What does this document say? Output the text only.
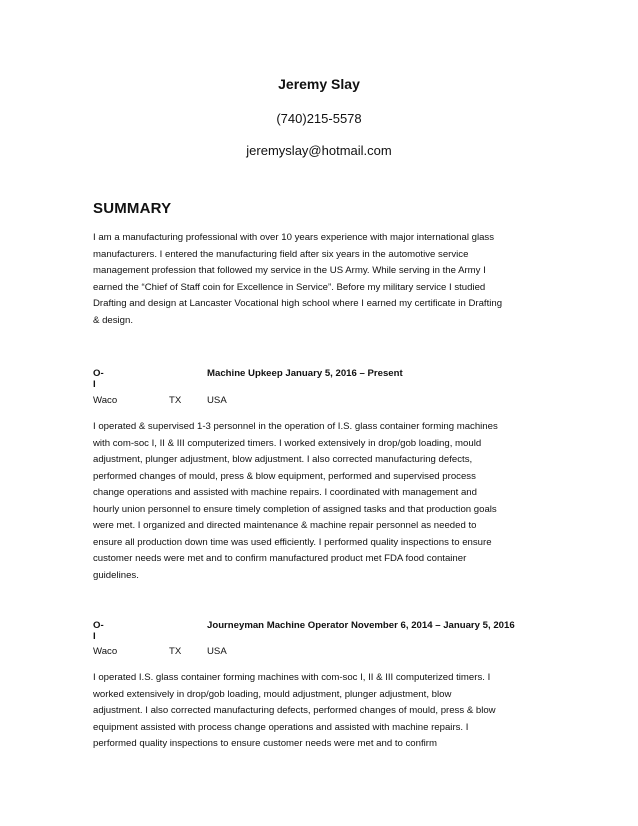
Jeremy Slay
(740)215-5578
jeremyslay@hotmail.com
SUMMARY
I am a manufacturing professional with over 10 years experience with major international glass
manufacturers. I entered the manufacturing field after six years in the automotive service
management profession that followed my service in the US Army. While serving in the Army I
earned the “Chief of Staff coin for Excellence in Service”. Before my military service I studied
Drafting and design at Lancaster Vocational high school where I earned my certificate in Drafting
& design.
O-I
Machine Upkeep January 5, 2016 – Present
Waco	TX	USA
I operated & supervised 1-3 personnel in the operation of I.S. glass container forming machines
with com-soc I, II & III computerized timers. I worked extensively in drop/gob loading, mould
adjustment, plunger adjustment, blow adjustment. I also corrected manufacturing defects,
performed changes of mould, press & blow equipment, performed and supervised process
change operations and assisted with machine repairs. I coordinated with management and
hourly union personnel to ensure timely completion of assigned tasks and that production goals
were met. I organized and directed maintenance & machine repair personnel as needed to
ensure all production down time was used efficiently. I performed quality inspections to ensure
customer needs were met and to confirm manufactured product met FDA food container
guidelines.
O-I
Journeyman Machine Operator November 6, 2014 – January 5, 2016
Waco	TX	USA
I operated I.S. glass container forming machines with com-soc I, II & III computerized timers. I
worked extensively in drop/gob loading, mould adjustment, plunger adjustment, blow
adjustment. I also corrected manufacturing defects, performed changes of mould, press & blow
equipment assisted with process change operations and assisted with machine repairs. I
performed quality inspections to ensure customer needs were met and to confirm
